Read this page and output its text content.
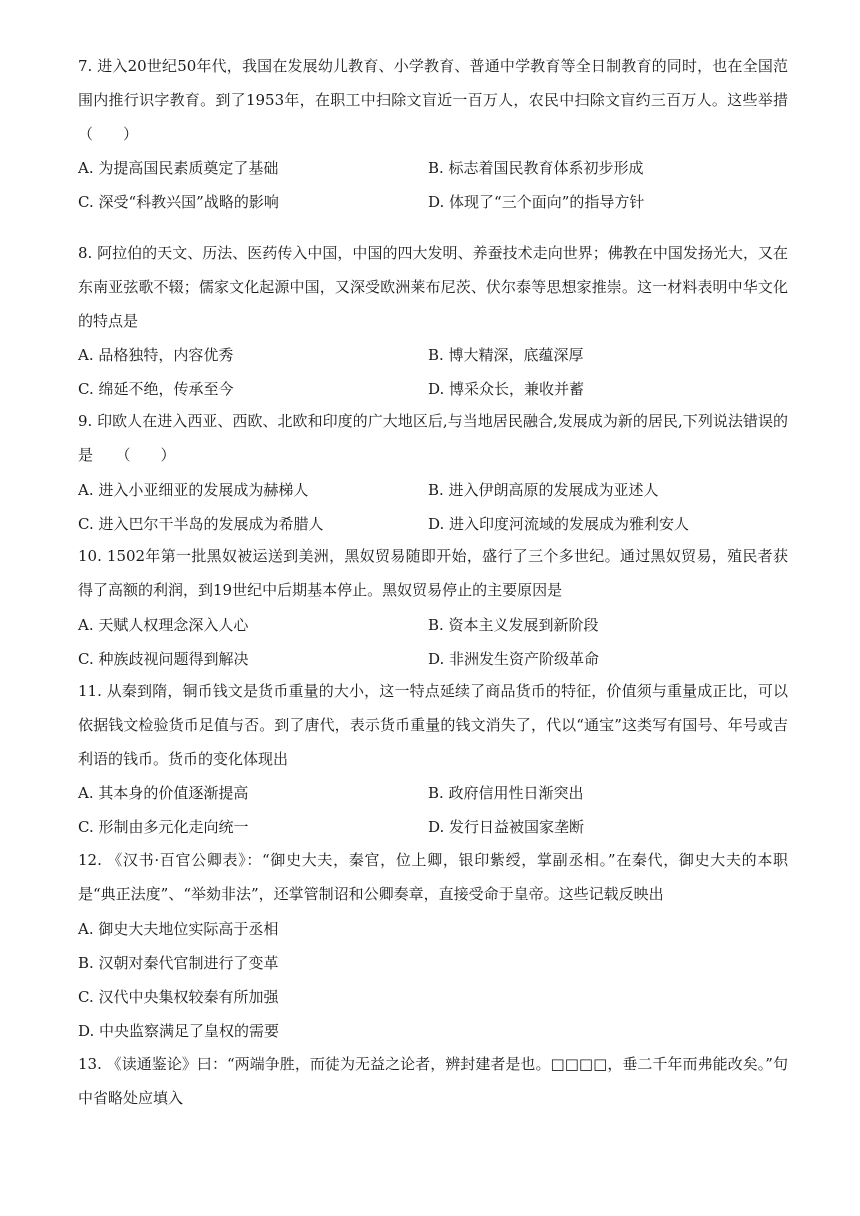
7. 进入20世纪50年代，我国在发展幼儿教育、小学教育、普通中学教育等全日制教育的同时，也在全国范围内推行识字教育。到了1953年，在职工中扫除文盲近一百万人，农民中扫除文盲约三百万人。这些举措（　　）

A. 为提高国民素质奠定了基础	B. 标志着国民教育体系初步形成
C. 深受“科教兴国”战略的影响	D. 体现了“三个面向”的指导方针

8. 阿拉伯的天文、历法、医药传入中国，中国的四大发明、养蚕技术走向世界；佛教在中国发扬光大，又在东南亚弦歌不辍；儒家文化起源中国，又深受欧洲莱布尼茨、伏尔泰等思想家推崇。这一材料表明中华文化的特点是

A. 品格独特，内容优秀	B. 博大精深，底蕴深厚
C. 绵延不绝，传承至今	D. 博采众长，兼收并蓄

9. 印欧人在进入西亚、西欧、北欧和印度的广大地区后,与当地居民融合,发展成为新的居民,下列说法错误的是　　（　　）

A. 进入小亚细亚的发展成为赫梯人	B. 进入伊朗高原的发展成为亚述人
C. 进入巴尔干半岛的发展成为希腊人	D. 进入印度河流域的发展成为雅利安人

10. 1502年第一批黑奴被运送到美洲，黑奴贸易随即开始，盛行了三个多世纪。通过黑奴贸易，殖民者获得了高额的利润，到19世纪中后期基本停止。黑奴贸易停止的主要原因是

A. 天赋人权理念深入人心	B. 资本主义发展到新阶段
C. 种族歧视问题得到解决	D. 非洲发生资产阶级革命

11. 从秦到隋，铜币钱文是货币重量的大小，这一特点延续了商品货币的特征，价值须与重量成正比，可以依据钱文检验货币足值与否。到了唐代，表示货币重量的钱文消失了，代以“通宝”这类写有国号、年号或吉利语的钱币。货币的变化体现出

A. 其本身的价值逐渐提高	B. 政府信用性日渐突出
C. 形制由多元化走向统一	D. 发行日益被国家垄断

12. 《汉书·百官公卿表》：“御史大夫，秦官，位上卿，银印紫绶，掌副丞相。”在秦代，御史大夫的本职是“典正法度”、“举劾非法”，还掌管制诏和公卿奏章，直接受命于皇帝。这些记载反映出

A. 御史大夫地位实际高于丞相
B. 汉朝对秦代官制进行了变革
C. 汉代中央集权较秦有所加强
D. 中央监察满足了皇权的需要

13. 《读通鉴论》曰：“两端争胜，而徒为无益之论者，辨封建者是也。□□□□，垂二千年而弗能改矣。”句中省略处应填入
